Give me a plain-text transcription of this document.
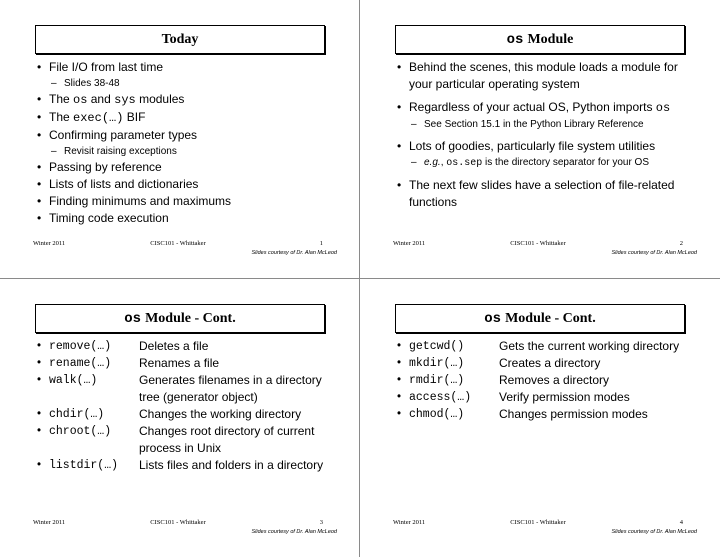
Today
• File I/O from last time
– Slides 38-48
• The os and sys modules
• The exec(…) BIF
• Confirming parameter types
– Revisit raising exceptions
• Passing by reference
• Lists of lists and dictionaries
• Finding minimums and maximums
• Timing code execution
Winter 2011	CISC101 - Whittaker	1
Slides courtesy of Dr. Alan McLeod
os Module
• Behind the scenes, this module loads a module for your particular operating system
• Regardless of your actual OS, Python imports os
– See Section 15.1 in the Python Library Reference
• Lots of goodies, particularly file system utilities
– e.g., os.sep is the directory separator for your OS
• The next few slides have a selection of file-related functions
Winter 2011	CISC101 - Whittaker	2
Slides courtesy of Dr. Alan McLeod
os Module - Cont.
• remove(…)	Deletes a file
• rename(…)	Renames a file
• walk(…)	Generates filenames in a directory tree (generator object)
• chdir(…)	Changes the working directory
• chroot(…)	Changes root directory of current process in Unix
• listdir(…)	Lists files and folders in a directory
Winter 2011	CISC101 - Whittaker	3
Slides courtesy of Dr. Alan McLeod
os Module - Cont.
• getcwd()	Gets the current working directory
• mkdir(…)	Creates a directory
• rmdir(…)	Removes a directory
• access(…)	Verify permission modes
• chmod(…)	Changes permission modes
Winter 2011	CISC101 - Whittaker	4
Slides courtesy of Dr. Alan McLeod
